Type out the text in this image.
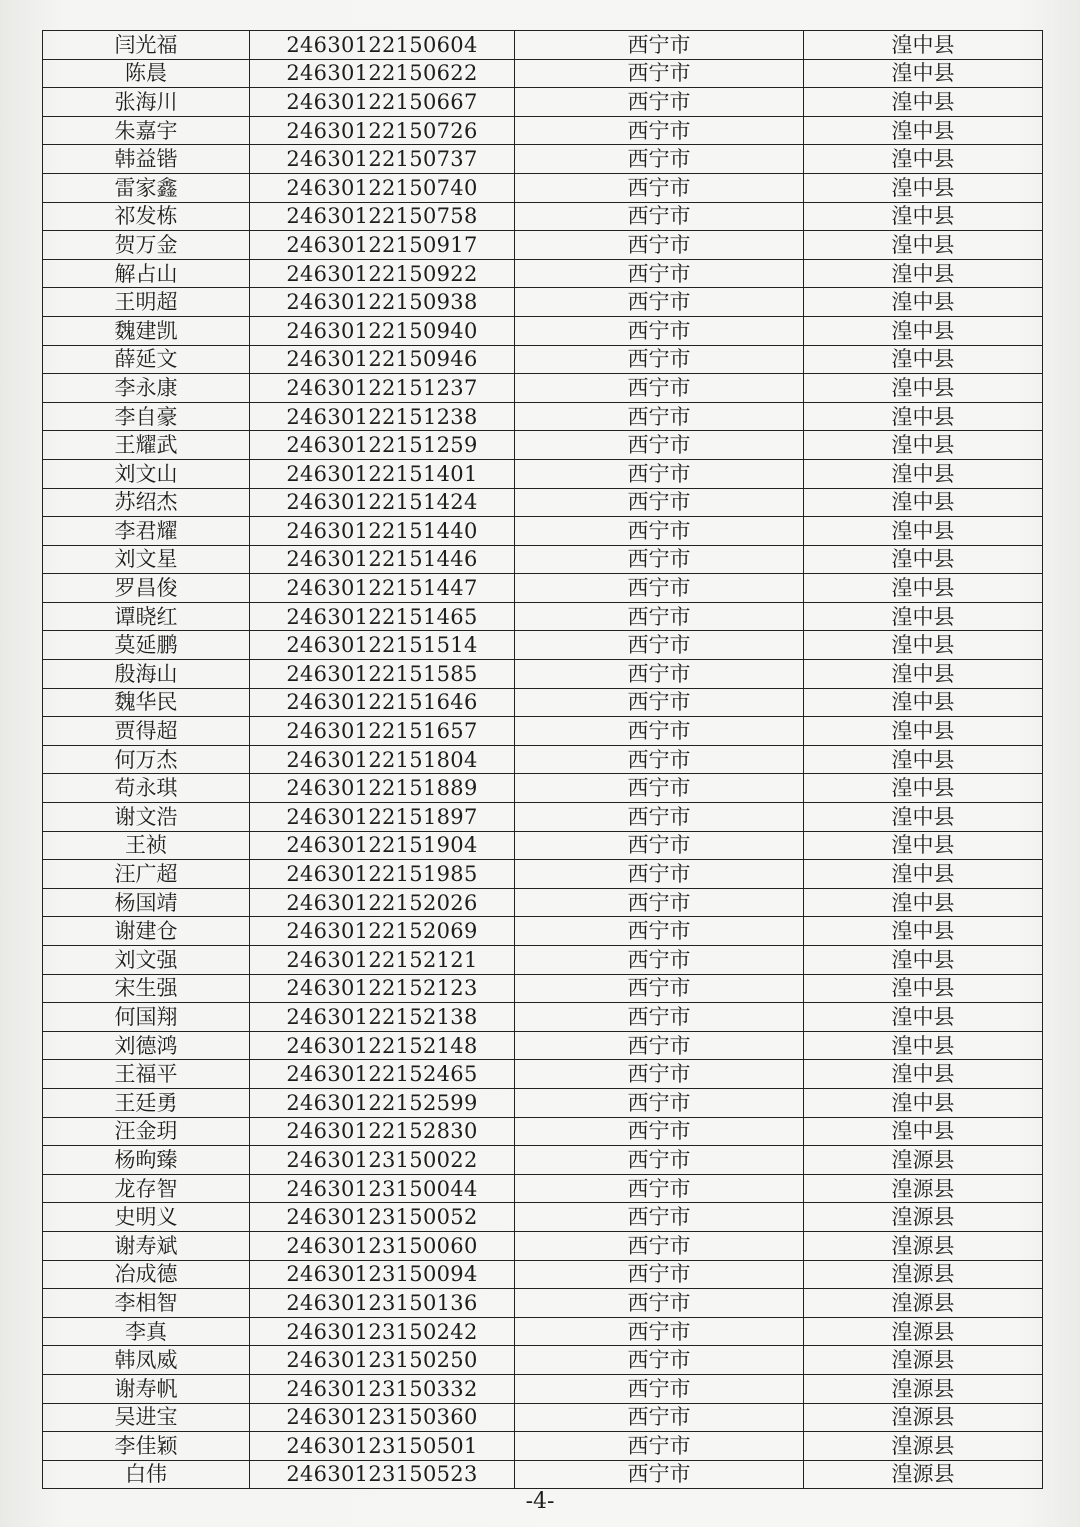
闫光福	24630122150604	西宁市	湟中县
陈晨	24630122150622	西宁市	湟中县
张海川	24630122150667	西宁市	湟中县
朱嘉宇	24630122150726	西宁市	湟中县
韩益锴	24630122150737	西宁市	湟中县
雷家鑫	24630122150740	西宁市	湟中县
祁发栋	24630122150758	西宁市	湟中县
贺万金	24630122150917	西宁市	湟中县
解占山	24630122150922	西宁市	湟中县
王明超	24630122150938	西宁市	湟中县
魏建凯	24630122150940	西宁市	湟中县
薛延文	24630122150946	西宁市	湟中县
李永康	24630122151237	西宁市	湟中县
李自豪	24630122151238	西宁市	湟中县
王耀武	24630122151259	西宁市	湟中县
刘文山	24630122151401	西宁市	湟中县
苏绍杰	24630122151424	西宁市	湟中县
李君耀	24630122151440	西宁市	湟中县
刘文星	24630122151446	西宁市	湟中县
罗昌俊	24630122151447	西宁市	湟中县
谭晓红	24630122151465	西宁市	湟中县
莫延鹏	24630122151514	西宁市	湟中县
殷海山	24630122151585	西宁市	湟中县
魏华民	24630122151646	西宁市	湟中县
贾得超	24630122151657	西宁市	湟中县
何万杰	24630122151804	西宁市	湟中县
苟永琪	24630122151889	西宁市	湟中县
谢文浩	24630122151897	西宁市	湟中县
王祯	24630122151904	西宁市	湟中县
汪广超	24630122151985	西宁市	湟中县
杨国靖	24630122152026	西宁市	湟中县
谢建仓	24630122152069	西宁市	湟中县
刘文强	24630122152121	西宁市	湟中县
宋生强	24630122152123	西宁市	湟中县
何国翔	24630122152138	西宁市	湟中县
刘德鸿	24630122152148	西宁市	湟中县
王福平	24630122152465	西宁市	湟中县
王廷勇	24630122152599	西宁市	湟中县
汪金玥	24630122152830	西宁市	湟中县
杨昫臻	24630123150022	西宁市	湟源县
龙存智	24630123150044	西宁市	湟源县
史明义	24630123150052	西宁市	湟源县
谢寿斌	24630123150060	西宁市	湟源县
冶成德	24630123150094	西宁市	湟源县
李相智	24630123150136	西宁市	湟源县
李真	24630123150242	西宁市	湟源县
韩凤威	24630123150250	西宁市	湟源县
谢寿帆	24630123150332	西宁市	湟源县
吴进宝	24630123150360	西宁市	湟源县
李佳颖	24630123150501	西宁市	湟源县
白伟	24630123150523	西宁市	湟源县
-4-
